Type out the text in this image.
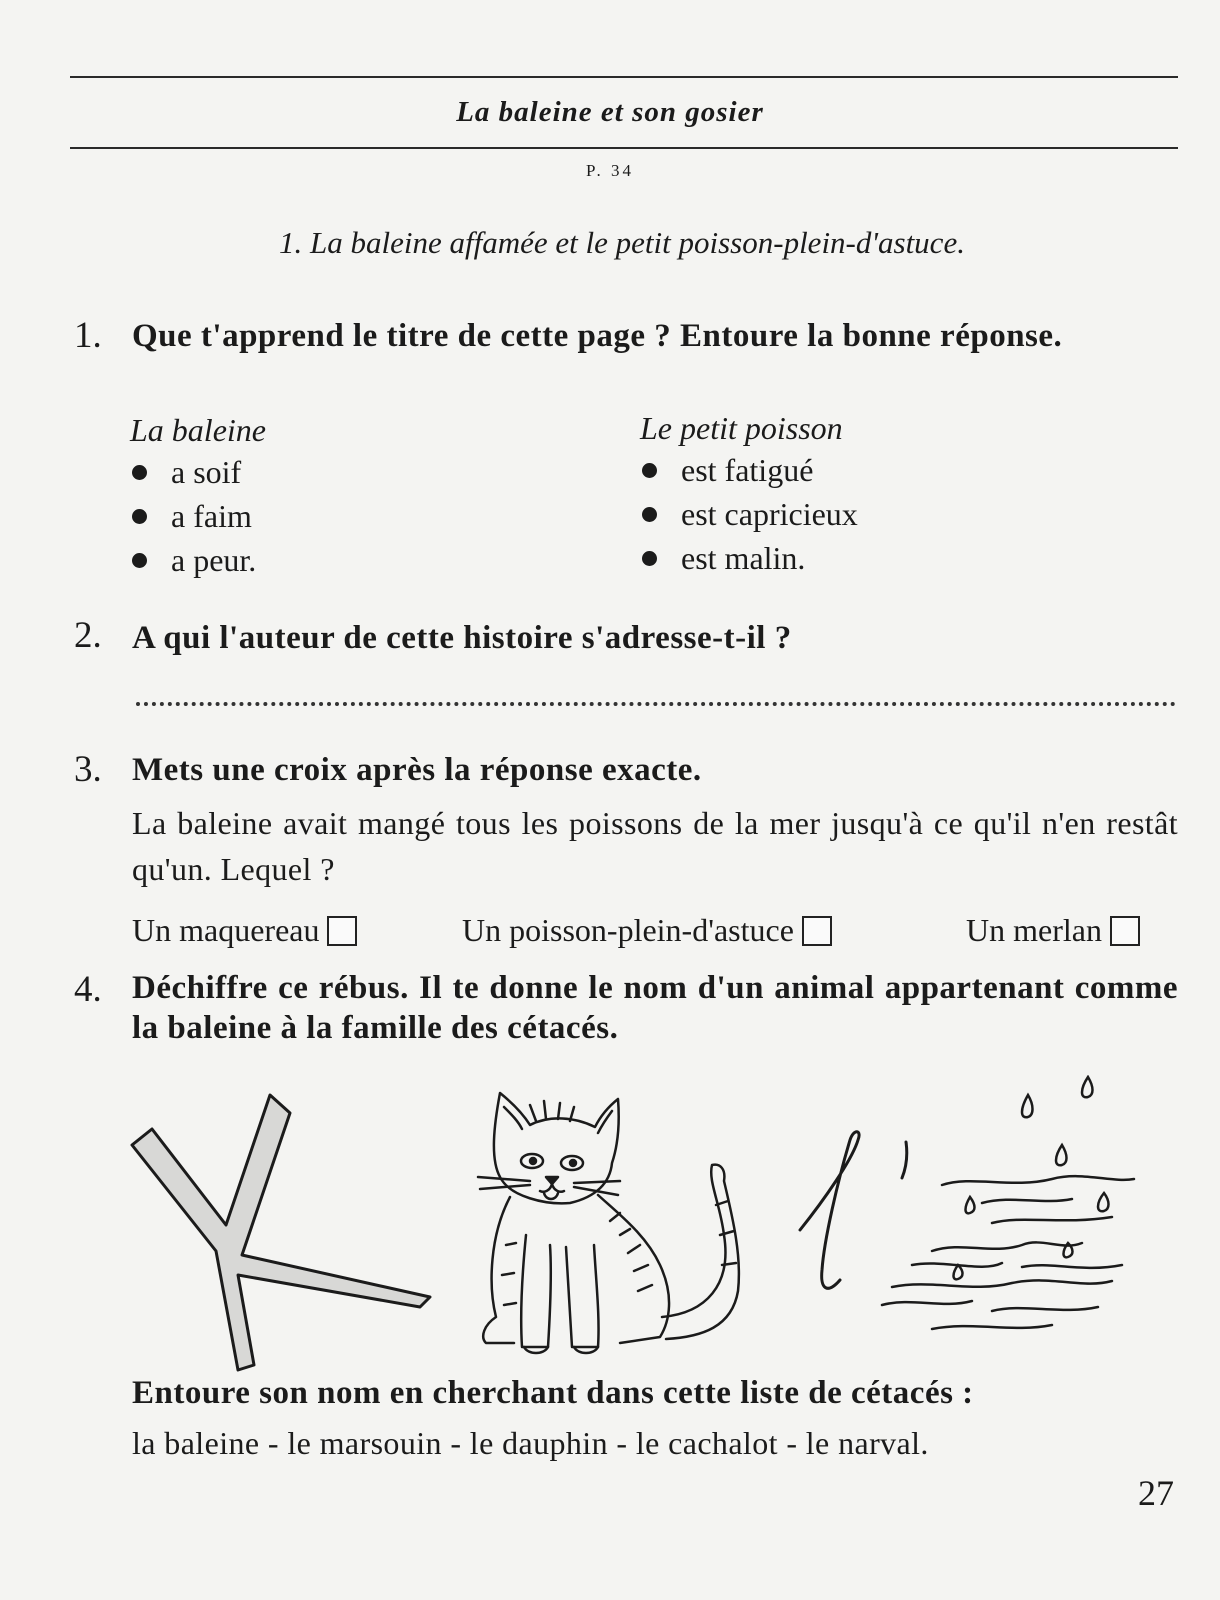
La baleine et son gosier
P. 34
1. La baleine affamée et le petit poisson-plein-d'astuce.
1. Que t'apprend le titre de cette page ? Entoure la bonne réponse.
La baleine
a soif
a faim
a peur.
Le petit poisson
est fatigué
est capricieux
est malin.
2. A qui l'auteur de cette histoire s'adresse-t-il ?
3. Mets une croix après la réponse exacte.
La baleine avait mangé tous les poissons de la mer jusqu'à ce qu'il n'en restât qu'un. Lequel ?
Un maquereau	Un poisson-plein-d'astuce	Un merlan
4. Déchiffre ce rébus. Il te donne le nom d'un animal appartenant comme la baleine à la famille des cétacés.
Entoure son nom en cherchant dans cette liste de cétacés :
la baleine - le marsouin - le dauphin - le cachalot - le narval.
27
